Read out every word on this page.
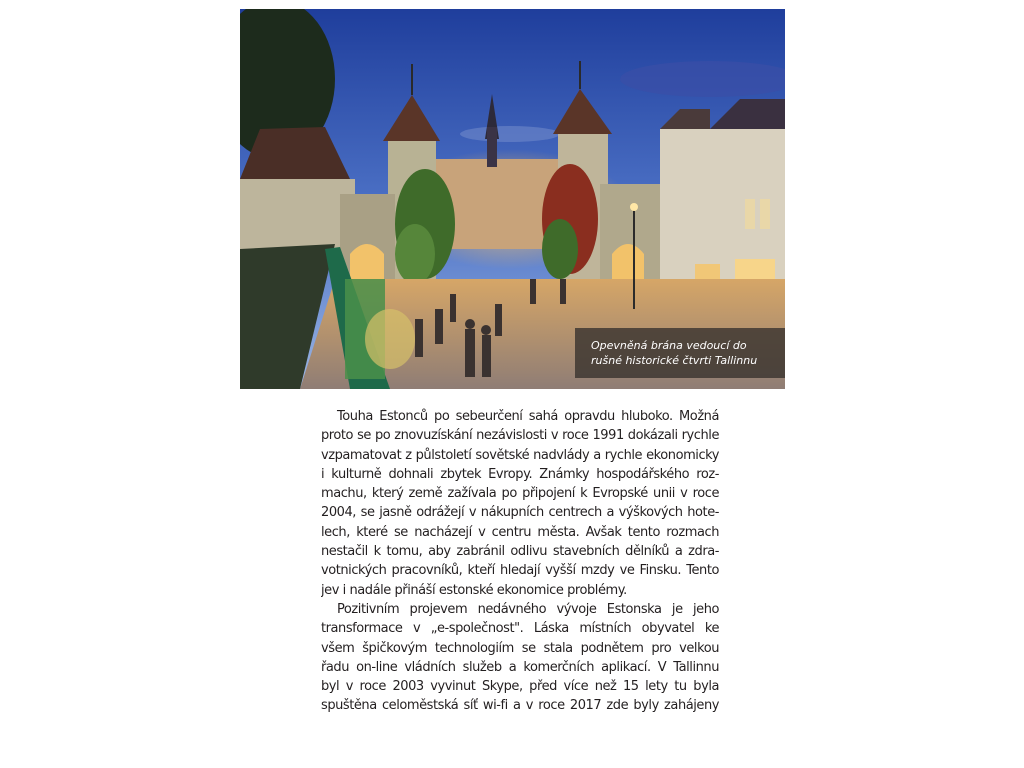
Opevněná brána vedoucí do
rušné historické čtvrti Tallinnu
Touha Estonců po sebeurčení sahá opravdu hluboko. Možná
proto se po znovuzískání nezávislosti v roce 1991 dokázali rychle
vzpamatovat z půlstoletí sovětské nadvlády a rychle ekonomicky
i kulturně dohnali zbytek Evropy. Známky hospodářského roz-
machu, který země zažívala po připojení k Evropské unii v roce
2004, se jasně odrážejí v nákupních centrech a výškových hote-
lech, které se nacházejí v centru města. Avšak tento rozmach
nestačil k tomu, aby zabránil odlivu stavebních dělníků a zdra-
votnických pracovníků, kteří hledají vyšší mzdy ve Finsku. Tento
jev i nadále přináší estonské ekonomice problémy.
Pozitivním projevem nedávného vývoje Estonska je jeho
transformace v „e-společnost". Láska místních obyvatel ke
všem špičkovým technologiím se stala podnětem pro velkou
řadu on-line vládních služeb a komerčních aplikací. V Tallinnu
byl v roce 2003 vyvinut Skype, před více než 15 lety tu byla
spuštěna celoměstská síť wi-fi a v roce 2017 zde byly zahájeny
